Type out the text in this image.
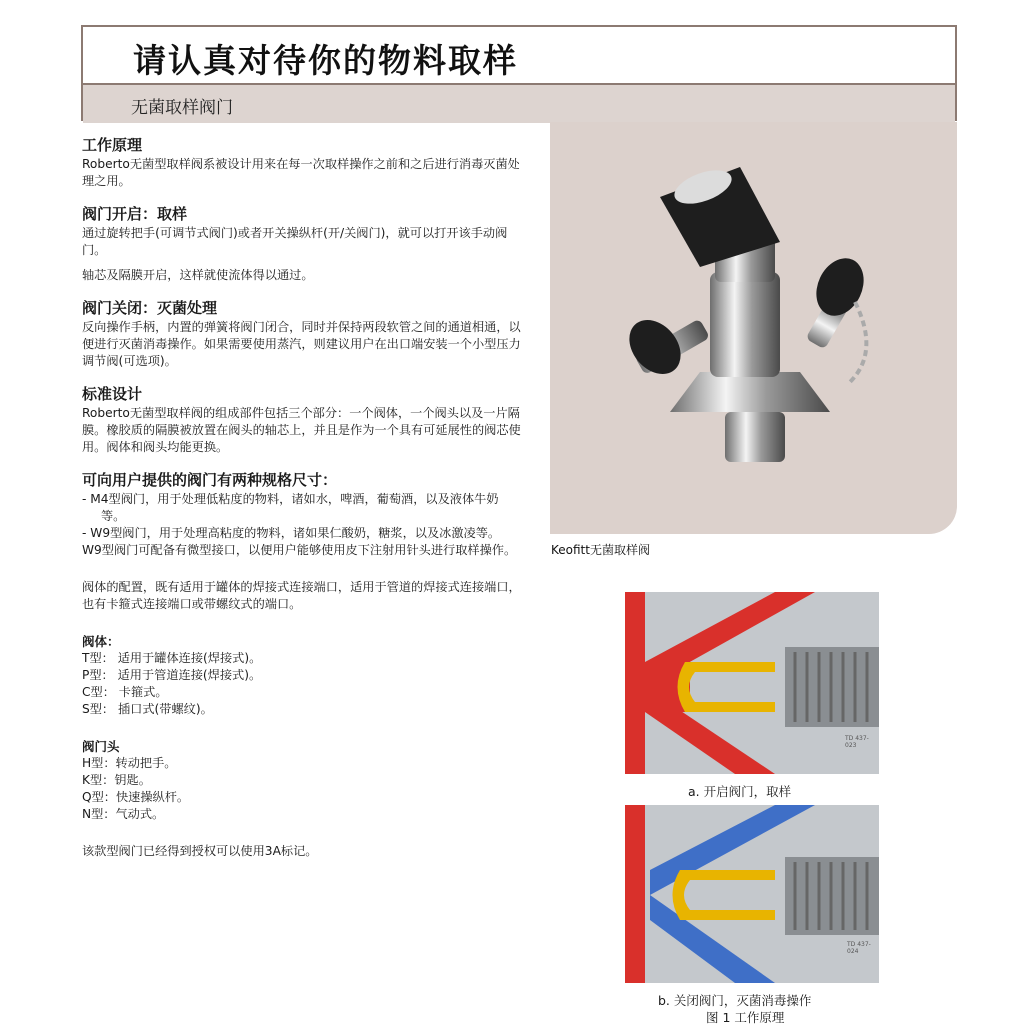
请认真对待你的物料取样
无菌取样阀门
工作原理

Roberto无菌型取样阀系被设计用来在每一次取样操作之前和之后进行消毒灭菌处理之用。

阀门开启：取样

通过旋转把手(可调节式阀门)或者开关操纵杆(开/关阀门)，就可以打开该手动阀门。

轴芯及隔膜开启，这样就使流体得以通过。

阀门关闭：灭菌处理

反向操作手柄，内置的弹簧将阀门闭合，同时并保持两段软管之间的通道相通，以便进行灭菌消毒操作。如果需要使用蒸汽，则建议用户在出口端安装一个小型压力调节阀(可选项)。

标准设计

Roberto无菌型取样阀的组成部件包括三个部分：一个阀体，一个阀头以及一片隔膜。橡胶质的隔膜被放置在阀头的轴芯上，并且是作为一个具有可延展性的阀芯使用。阀体和阀头均能更换。

可向用户提供的阀门有两种规格尺寸：

- M4型阀门，用于处理低粘度的物料，诸如水，啤酒，葡萄酒，以及液体牛奶等。

- W9型阀门，用于处理高粘度的物料，诸如果仁酸奶，糖浆，以及冰激凌等。

W9型阀门可配备有微型接口，以便用户能够使用皮下注射用针头进行取样操作。

阀体的配置，既有适用于罐体的焊接式连接端口，适用于管道的焊接式连接端口，也有卡箍式连接端口或带螺纹式的端口。

阀体：

T型： 适用于罐体连接(焊接式)。

P型： 适用于管道连接(焊接式)。

C型： 卡箍式。

S型： 插口式(带螺纹)。

阀门头

H型：转动把手。

K型：钥匙。

Q型：快速操纵杆。

N型：气动式。

该款型阀门已经得到授权可以使用3A标记。

Keofitt无菌取样阀
TD 437-023
a. 开启阀门，取样
TD 437-024
b. 关闭阀门，灭菌消毒操作
图 1 工作原理
